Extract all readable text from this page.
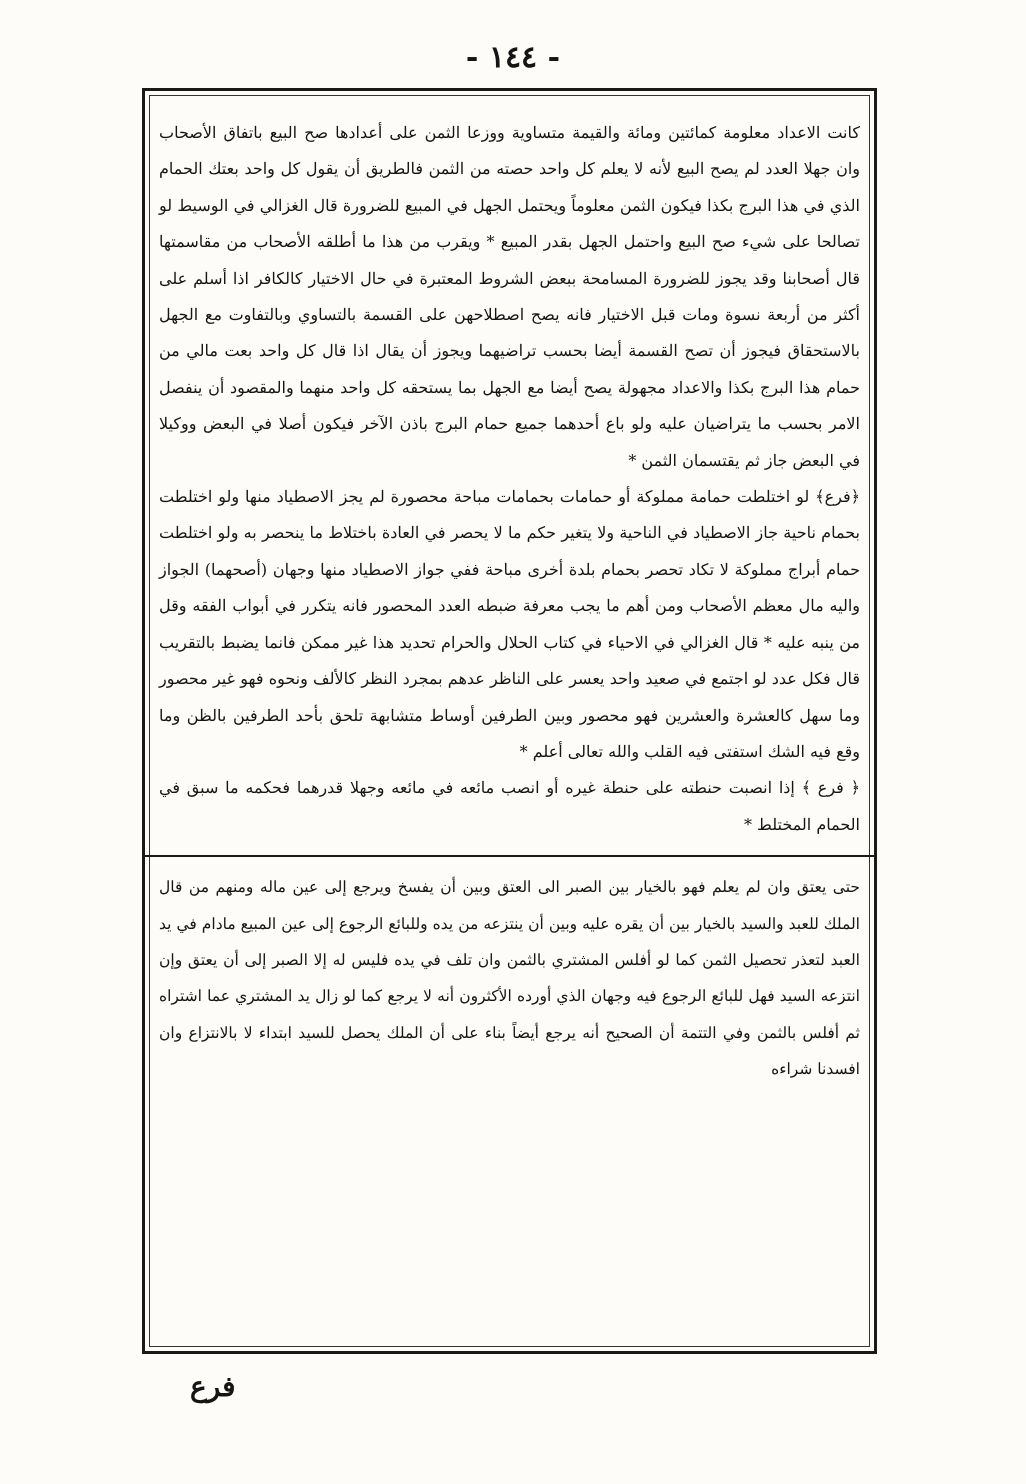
- ١٤٤ -

كانت الاعداد معلومة كمائتين ومائة والقيمة متساوية ووزعا الثمن على أعدادها صح البيع باتفاق الأصحاب وان جهلا العدد لم يصح البيع لأنه لا يعلم كل واحد حصته من الثمن فالطريق أن يقول كل واحد بعتك الحمام الذي في هذا البرج بكذا فيكون الثمن معلوماً ويحتمل الجهل في المبيع للضرورة قال الغزالي في الوسيط لو تصالحا على شيء صح البيع واحتمل الجهل بقدر المبيع * ويقرب من هذا ما أطلقه الأصحاب من مقاسمتها قال أصحابنا وقد يجوز للضرورة المسامحة ببعض الشروط المعتبرة في حال الاختيار كالكافر اذا أسلم على أكثر من أربعة نسوة ومات قبل الاختيار فانه يصح اصطلاحهن على القسمة بالتساوي وبالتفاوت مع الجهل بالاستحقاق فيجوز أن تصح القسمة أيضا بحسب تراضيهما ويجوز أن يقال اذا قال كل واحد بعت مالي من حمام هذا البرج بكذا والاعداد مجهولة يصح أيضا مع الجهل بما يستحقه كل واحد منهما والمقصود أن ينفصل الامر بحسب ما يتراضيان عليه ولو باع أحدهما جميع حمام البرج باذن الآخر فيكون أصلا في البعض ووكيلا في البعض جاز ثم يقتسمان الثمن *

﴿فرع﴾ لو اختلطت حمامة مملوكة أو حمامات بحمامات مباحة محصورة لم يجز الاصطياد منها ولو اختلطت بحمام ناحية جاز الاصطياد في الناحية ولا يتغير حكم ما لا يحصر في العادة باختلاط ما ينحصر به ولو اختلطت حمام أبراج مملوكة لا تكاد تحصر بحمام بلدة أخرى مباحة ففي جواز الاصطياد منها وجهان (أصحهما) الجواز واليه مال معظم الأصحاب ومن أهم ما يجب معرفة ضبطه العدد المحصور فانه يتكرر في أبواب الفقه وقل من ينبه عليه * قال الغزالي في الاحياء في كتاب الحلال والحرام تحديد هذا غير ممكن فانما يضبط بالتقريب قال فكل عدد لو اجتمع في صعيد واحد يعسر على الناظر عدهم بمجرد النظر كالألف ونحوه فهو غير محصور وما سهل كالعشرة والعشرين فهو محصور وبين الطرفين أوساط متشابهة تلحق بأحد الطرفين بالظن وما وقع فيه الشك استفتى فيه القلب والله تعالى أعلم *

﴿ فرع ﴾ إذا انصبت حنطته على حنطة غيره أو انصب مائعه في مائعه وجهلا قدرهما فحكمه ما سبق في الحمام المختلط *

حتى يعتق وان لم يعلم فهو بالخيار بين الصبر الى العتق وبين أن يفسخ ويرجع إلى عين ماله ومنهم من قال الملك للعبد والسيد بالخيار بين أن يقره عليه وبين أن ينتزعه من يده وللبائع الرجوع إلى عين المبيع مادام في يد العبد لتعذر تحصيل الثمن كما لو أفلس المشتري بالثمن وان تلف في يده فليس له إلا الصبر إلى أن يعتق وإن انتزعه السيد فهل للبائع الرجوع فيه وجهان الذي أورده الأكثرون أنه لا يرجع كما لو زال يد المشتري عما اشتراه ثم أفلس بالثمن وفي التتمة أن الصحيح أنه يرجع أيضاً بناء على أن الملك يحصل للسيد ابتداء لا بالانتزاع وان افسدنا شراءه

فرع
